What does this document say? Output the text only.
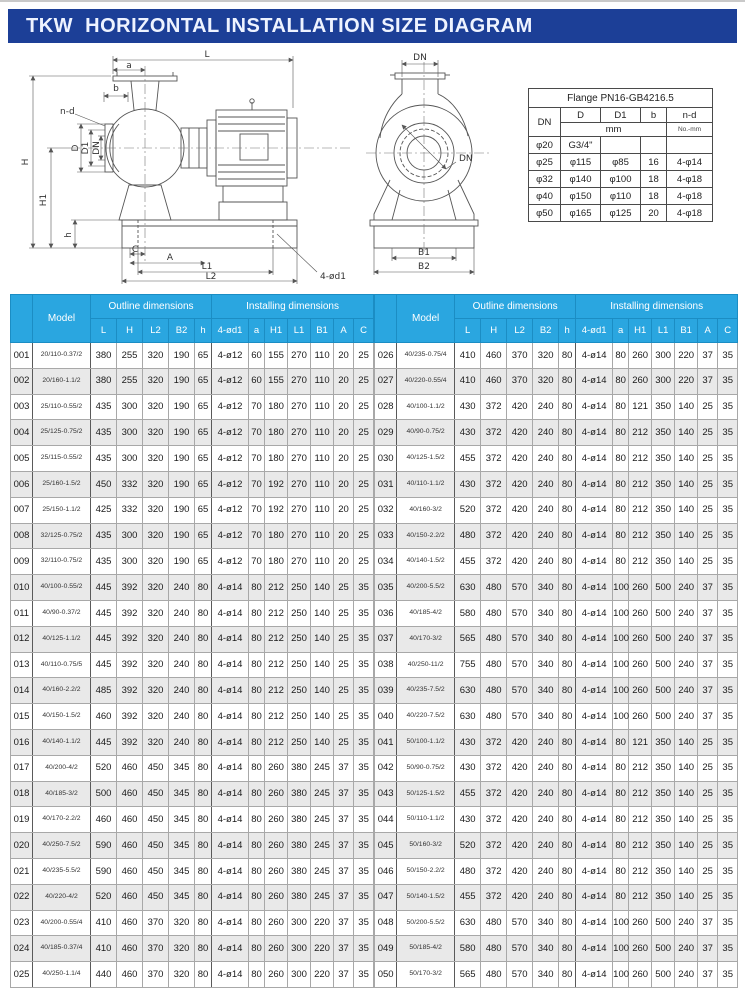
TKW  HORIZONTAL INSTALLATION SIZE DIAGRAM
L
a
b
n-d
H
D D1 DN
H1
h
C
A
L1
L2	4-ød1
DN
DN
B1
B2
Flange PN16-GB4216.5				
DN	D	D1	b	n-d
	mm			No.-mm
φ20	G3/4"			
φ25	φ115	φ85	16	4-φ14
φ32	φ140	φ100	18	4-φ18
φ40	φ150	φ110	18	4-φ18
φ50	φ165	φ125	20	4-φ18
	Model	Outline dimensions					Installing dimensions						
		L	H	L2	B2	h	4-ød1	a	H1	L1	B1	A	C
001	20/110-0.37/2	380	255	320	190	65	4-ø12	60	155	270	110	20	25
002	20/160-1.1/2	380	255	320	190	65	4-ø12	60	155	270	110	20	25
003	25/110-0.55/2	435	300	320	190	65	4-ø12	70	180	270	110	20	25
004	25/125-0.75/2	435	300	320	190	65	4-ø12	70	180	270	110	20	25
005	25/115-0.55/2	435	300	320	190	65	4-ø12	70	180	270	110	20	25
006	25/160-1.5/2	450	332	320	190	65	4-ø12	70	192	270	110	20	25
007	25/150-1.1/2	425	332	320	190	65	4-ø12	70	192	270	110	20	25
008	32/125-0.75/2	435	300	320	190	65	4-ø12	70	180	270	110	20	25
009	32/110-0.75/2	435	300	320	190	65	4-ø12	70	180	270	110	20	25
010	40/100-0.55/2	445	392	320	240	80	4-ø14	80	212	250	140	25	35
011	40/90-0.37/2	445	392	320	240	80	4-ø14	80	212	250	140	25	35
012	40/125-1.1/2	445	392	320	240	80	4-ø14	80	212	250	140	25	35
013	40/110-0.75/5	445	392	320	240	80	4-ø14	80	212	250	140	25	35
014	40/160-2.2/2	485	392	320	240	80	4-ø14	80	212	250	140	25	35
015	40/150-1.5/2	460	392	320	240	80	4-ø14	80	212	250	140	25	35
016	40/140-1.1/2	445	392	320	240	80	4-ø14	80	212	250	140	25	35
017	40/200-4/2	520	460	450	345	80	4-ø14	80	260	380	245	37	35
018	40/185-3/2	500	460	450	345	80	4-ø14	80	260	380	245	37	35
019	40/170-2.2/2	460	460	450	345	80	4-ø14	80	260	380	245	37	35
020	40/250-7.5/2	590	460	450	345	80	4-ø14	80	260	380	245	37	35
021	40/235-5.5/2	590	460	450	345	80	4-ø14	80	260	380	245	37	35
022	40/220-4/2	520	460	450	345	80	4-ø14	80	260	380	245	37	35
023	40/200-0.55/4	410	460	370	320	80	4-ø14	80	260	300	220	37	35
024	40/185-0.37/4	410	460	370	320	80	4-ø14	80	260	300	220	37	35
025	40/250-1.1/4	440	460	370	320	80	4-ø14	80	260	300	220	37	35
	Model	Outline dimensions					Installing dimensions						
		L	H	L2	B2	h	4-ød1	a	H1	L1	B1	A	C
026	40/235-0.75/4	410	460	370	320	80	4-ø14	80	260	300	220	37	35
027	40/220-0.55/4	410	460	370	320	80	4-ø14	80	260	300	220	37	35
028	40/100-1.1/2	430	372	420	240	80	4-ø14	80	121	350	140	25	35
029	40/90-0.75/2	430	372	420	240	80	4-ø14	80	212	350	140	25	35
030	40/125-1.5/2	455	372	420	240	80	4-ø14	80	212	350	140	25	35
031	40/110-1.1/2	430	372	420	240	80	4-ø14	80	212	350	140	25	35
032	40/160-3/2	520	372	420	240	80	4-ø14	80	212	350	140	25	35
033	40/150-2.2/2	480	372	420	240	80	4-ø14	80	212	350	140	25	35
034	40/140-1.5/2	455	372	420	240	80	4-ø14	80	212	350	140	25	35
035	40/200-5.5/2	630	480	570	340	80	4-ø14	100	260	500	240	37	35
036	40/185-4/2	580	480	570	340	80	4-ø14	100	260	500	240	37	35
037	40/170-3/2	565	480	570	340	80	4-ø14	100	260	500	240	37	35
038	40/250-11/2	755	480	570	340	80	4-ø14	100	260	500	240	37	35
039	40/235-7.5/2	630	480	570	340	80	4-ø14	100	260	500	240	37	35
040	40/220-7.5/2	630	480	570	340	80	4-ø14	100	260	500	240	37	35
041	50/100-1.1/2	430	372	420	240	80	4-ø14	80	121	350	140	25	35
042	50/90-0.75/2	430	372	420	240	80	4-ø14	80	212	350	140	25	35
043	50/125-1.5/2	455	372	420	240	80	4-ø14	80	212	350	140	25	35
044	50/110-1.1/2	430	372	420	240	80	4-ø14	80	212	350	140	25	35
045	50/160-3/2	520	372	420	240	80	4-ø14	80	212	350	140	25	35
046	50/150-2.2/2	480	372	420	240	80	4-ø14	80	212	350	140	25	35
047	50/140-1.5/2	455	372	420	240	80	4-ø14	80	212	350	140	25	35
048	50/200-5.5/2	630	480	570	340	80	4-ø14	100	260	500	240	37	35
049	50/185-4/2	580	480	570	340	80	4-ø14	100	260	500	240	37	35
050	50/170-3/2	565	480	570	340	80	4-ø14	100	260	500	240	37	35
